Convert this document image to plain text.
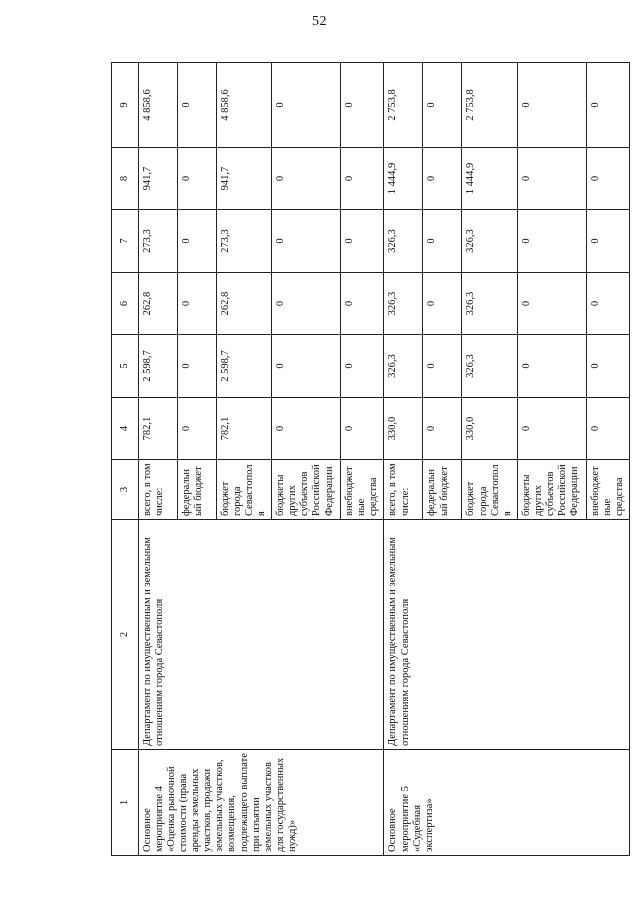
52
1	2	3	4	5	6	7	8	9
Основное мероприятие 4 «Оценка рыночной стоимости (права аренды земельных участков, продажи земельных участков, возмещения, подлежащего выплате при изъятии земельных участков для государственных нужд)»	Департамент по имущественным и земельным отношениям города Севастополя	всего, в том числе:	782,1	2 598,7	262,8	273,3	941,7	4 858,6
		федеральный бюджет	0	0	0	0	0	0
		бюджет города Севастополя	782,1	2 598,7	262,8	273,3	941,7	4 858,6
		бюджеты других субъектов Российской Федерации	0	0	0	0	0	0
		внебюджетные средства	0	0	0	0	0	0
Основное мероприятие 5 «Судебная экспертиза»	Департамент по имущественным и земельным отношениям города Севастополя	всего, в том числе:	330,0	326,3	326,3	326,3	1 444,9	2 753,8
		федеральный бюджет	0	0	0	0	0	0
		бюджет города Севастополя	330,0	326,3	326,3	326,3	1 444,9	2 753,8
		бюджеты других субъектов Российской Федерации	0	0	0	0	0	0
		внебюджетные средства	0	0	0	0	0	0
